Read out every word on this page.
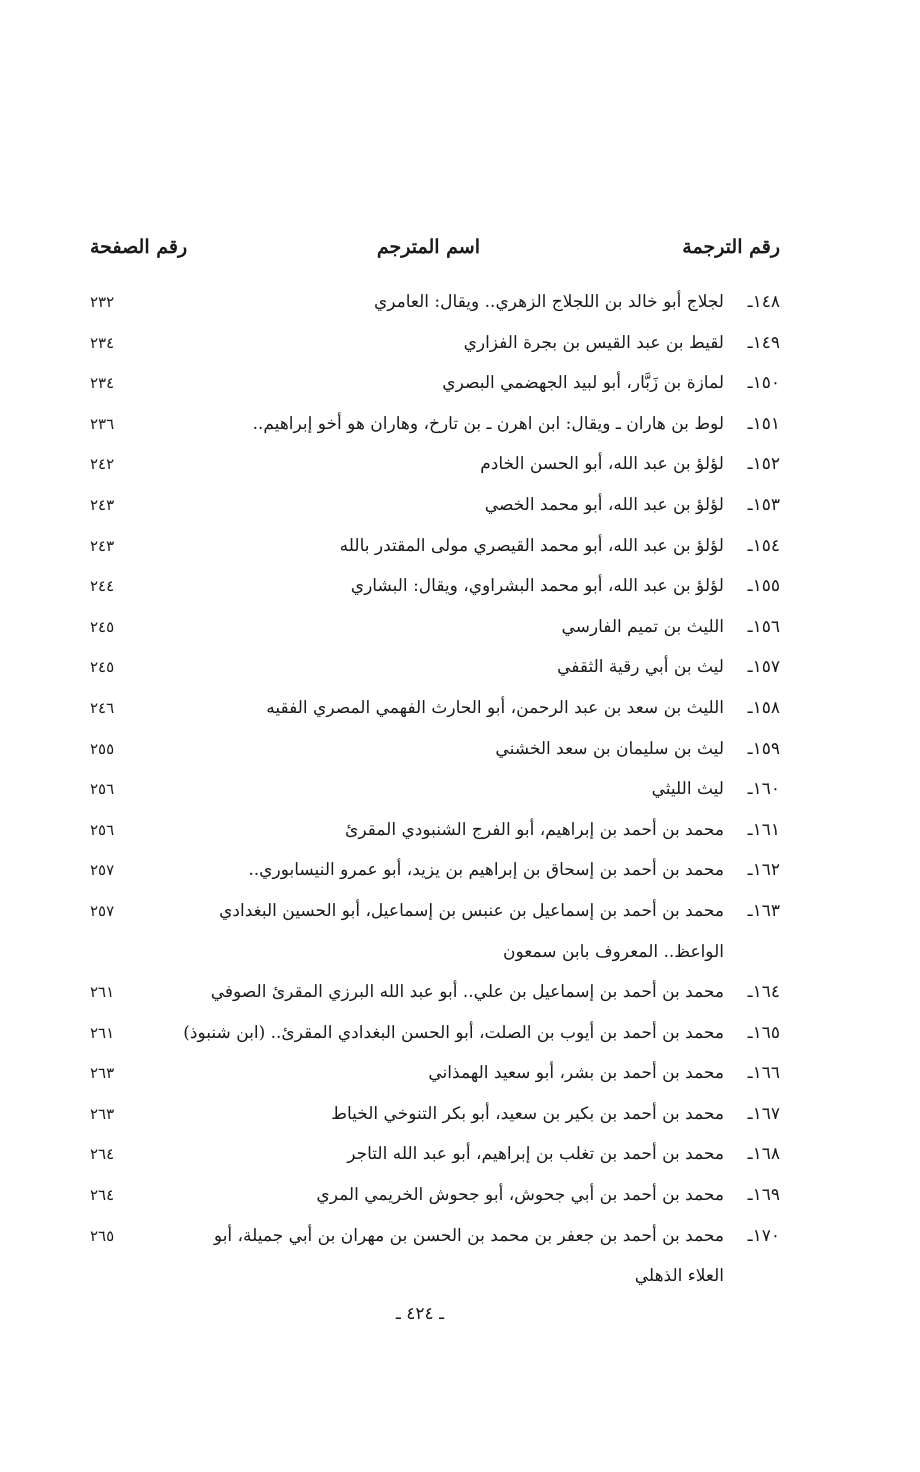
رقم الترجمة
اسم المترجم
رقم الصفحة
١٤٨ـ
لجلاج أبو خالد بن اللجلاج الزهري.. ويقال: العامري
٢٣٢
١٤٩ـ
لقيط بن عبد القيس بن بجرة الفزاري
٢٣٤
١٥٠ـ
لمازة بن زَبَّار، أبو لبيد الجهضمي البصري
٢٣٤
١٥١ـ
لوط بن هاران ـ ويقال: ابن اهرن ـ بن تارخ، وهاران هو أخو إبراهيم..
٢٣٦
١٥٢ـ
لؤلؤ بن عبد الله، أبو الحسن الخادم
٢٤٢
١٥٣ـ
لؤلؤ بن عبد الله، أبو محمد الخصي
٢٤٣
١٥٤ـ
لؤلؤ بن عبد الله، أبو محمد القيصري مولى المقتدر بالله
٢٤٣
١٥٥ـ
لؤلؤ بن عبد الله، أبو محمد البشراوي، ويقال: البشاري
٢٤٤
١٥٦ـ
الليث بن تميم الفارسي
٢٤٥
١٥٧ـ
ليث بن أبي رقية الثقفي
٢٤٥
١٥٨ـ
الليث بن سعد بن عبد الرحمن، أبو الحارث الفهمي المصري الفقيه
٢٤٦
١٥٩ـ
ليث بن سليمان بن سعد الخشني
٢٥٥
١٦٠ـ
ليث الليثي
٢٥٦
١٦١ـ
محمد بن أحمد بن إبراهيم، أبو الفرج الشنبودي المقرئ
٢٥٦
١٦٢ـ
محمد بن أحمد بن إسحاق بن إبراهيم بن يزيد، أبو عمرو النيسابوري..
٢٥٧
١٦٣ـ
محمد بن أحمد بن إسماعيل بن عنبس بن إسماعيل، أبو الحسين البغدادي الواعظ.. المعروف بابن سمعون
٢٥٧
١٦٤ـ
محمد بن أحمد بن إسماعيل بن علي.. أبو عبد الله البرزي المقرئ الصوفي
٢٦١
١٦٥ـ
محمد بن أحمد بن أيوب بن الصلت، أبو الحسن البغدادي المقرئ.. (ابن شنبوذ)
٢٦١
١٦٦ـ
محمد بن أحمد بن بشر، أبو سعيد الهمذاني
٢٦٣
١٦٧ـ
محمد بن أحمد بن بكير بن سعيد، أبو بكر التنوخي الخياط
٢٦٣
١٦٨ـ
محمد بن أحمد بن تغلب بن إبراهيم، أبو عبد الله التاجر
٢٦٤
١٦٩ـ
محمد بن أحمد بن أبي جحوش، أبو جحوش الخريمي المري
٢٦٤
١٧٠ـ
محمد بن أحمد بن جعفر بن محمد بن الحسن بن مهران بن أبي جميلة، أبو العلاء الذهلي
٢٦٥
ـ ٤٢٤ ـ
